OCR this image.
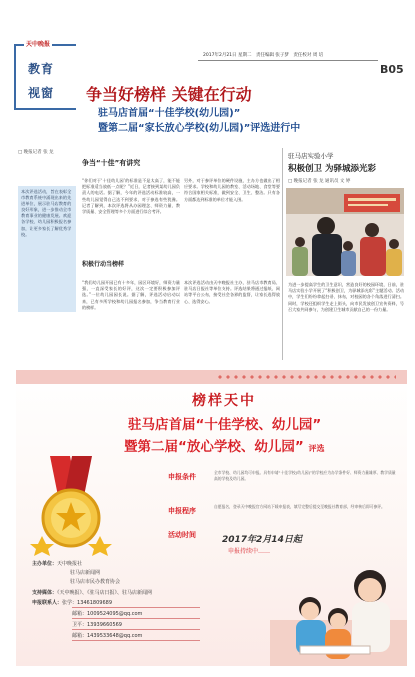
天中晚报
教育
视窗
2017年2月21日 星期二　责任编辑 张子梦　责任校对 周 培
B05
争当好榜样 关键在行动
驻马店首届“十佳学校(幼儿园)”
暨第二届“家长放心学校(幼儿园)”评选进行中
□ 晚报记者 张 龙
争当“十佳”有讲究
本次评选活动，旨在表彰全市教育系统中涌现出来的先进单位，展示驻马店教育的良好形象，进一步推动全市教育事业的健康发展。欢迎各学校、幼儿园积极报名参加，让更多家长了解优秀学校。
“你们对于‘十佳幼儿园’的标准是不是太高了，能不能把标准适当放低一点呢？”近日，记者接到某幼儿园负责人的电话。据了解，今年的评选活动标准较高，一些幼儿园觉得自己达不到要求，对于参选有些犹豫。记者了解到，本次评选将从办园理念、师资力量、教学质量、安全管理等多个方面进行综合考评。
积极行动当榜样
“我们幼儿园开园已有十多年，园区环境好，师资力量强，一直深受家长的好评，这次一定要积极参加评选。”一位幼儿园园长说。据了解，评选活动启动以来，已有多所学校和幼儿园报名参加，争当教育行业的榜样。
另外，对于参评单位的硬件设施，主办方也做出了相应要求。学校和幼儿园的教室、活动场地、食堂等要符合国家相关标准，做到安全、卫生、整洁。只有各方面都达到标准的单位才能入围。
本次评选活动由天中晚报社主办，驻马店市教育局、驻马店日报社等单位支持。评选结果将通过报纸、网站等平台公布，接受社会各界的监督，让家长选得放心、选得安心。
驻马店实验小学
积极创卫 为驿城添光彩
□ 晚报记者 张 龙 通讯员 文 婷
为进一步提高学生的卫生意识，营造良好的校园环境，日前，驻马店实验小学开展了“积极创卫，为驿城添光彩”主题活动。活动中，学生们纷纷拿起扫帚、抹布，对校园的各个角落进行清扫。同时，学校还组织学生走上街头，向市民发放创卫宣传资料，号召大家共同参与，为创建卫生城市贡献自己的一份力量。
榜样天中
驻马店首届“十佳学校、幼儿园”
暨第二届“放心学校、幼儿园” 评选
申报条件
全市学校、幼儿园均可申报。具有申请“十佳学校(幼儿园)”的学校应为办学条件好、师资力量雄厚、教学质量高的学校及幼儿园。
申报程序
自愿报名，登录天中晚报官方网站下载申报表，填写完整后提交至晚报社教育部，经审核后即可参评。
活动时间	2017年2月14日起
申报持续中……
主办单位：天中晚报社
驻马店新闻网
驻马店市民办教育协会
支持媒体：《天中晚报》、《驻马店日报》、驻马店新闻网
申报联系人：张学：13461809689
邮箱：1009524095@qq.com
卫平：13939660569
邮箱：1439533648@qq.com
